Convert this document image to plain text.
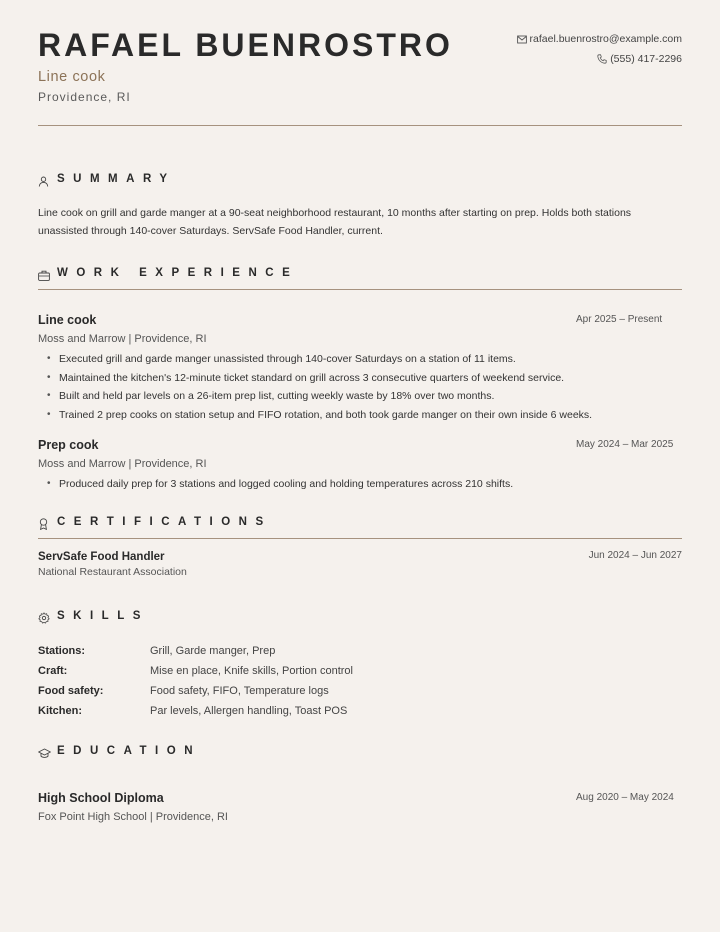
RAFAEL BUENROSTRO
Line cook
Providence, RI
rafael.buenrostro@example.com
(555) 417-2296
SUMMARY
Line cook on grill and garde manger at a 90-seat neighborhood restaurant, 10 months after starting on prep. Holds both stations unassisted through 140-cover Saturdays. ServSafe Food Handler, current.
WORK EXPERIENCE
Line cook	Apr 2025 – Present
Moss and Marrow | Providence, RI
• Executed grill and garde manger unassisted through 140-cover Saturdays on a station of 11 items.
• Maintained the kitchen's 12-minute ticket standard on grill across 3 consecutive quarters of weekend service.
• Built and held par levels on a 26-item prep list, cutting weekly waste by 18% over two months.
• Trained 2 prep cooks on station setup and FIFO rotation, and both took garde manger on their own inside 6 weeks.
Prep cook	May 2024 – Mar 2025
Moss and Marrow | Providence, RI
• Produced daily prep for 3 stations and logged cooling and holding temperatures across 210 shifts.
CERTIFICATIONS
ServSafe Food Handler	Jun 2024 – Jun 2027
National Restaurant Association
SKILLS
Stations:	Grill, Garde manger, Prep
Craft:	Mise en place, Knife skills, Portion control
Food safety:	Food safety, FIFO, Temperature logs
Kitchen:	Par levels, Allergen handling, Toast POS
EDUCATION
High School Diploma	Aug 2020 – May 2024
Fox Point High School | Providence, RI
